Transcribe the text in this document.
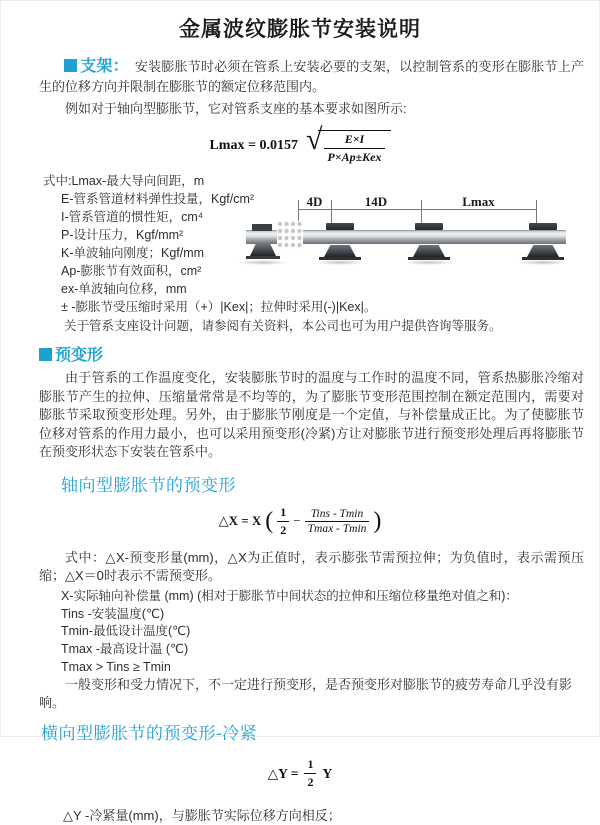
金属波纹膨胀节安装说明

支架： 安装膨胀节时必须在管系上安装必要的支架，以控制管系的变形在膨胀节上产生的位移方向并限制在膨胀节的额定位移范围内。

例如对于轴向型膨胀节，它对管系支座的基本要求如图所示:

Lmax = 0.0157 √ $\frac{E\times I}{\text{P×Ap±Kex}}$
式中:Lmax-最大导向间距，m
E-管系管道材料弹性投量，Kgf/cm²
I-管系管道的惯性矩，cm⁴
P-设计压力，Kgf/mm²
K-单波轴向刚度；Kgf/mm
Ap-膨胀节有效面积，cm²
ex-单波轴向位移，mm
± -膨胀节受压缩时采用（+）|Kex|；拉伸时采用(-)|Kex|。

关于管系支座设计问题，请参阅有关资料，本公司也可为用户提供咨询等服务。

4D	14D	Lmax
预变形

由于管系的工作温度变化，安装膨胀节时的温度与工作时的温度不同，管系热膨胀冷缩对膨胀节产生的拉伸、压缩量常常是不均等的，为了膨胀节变形范围控制在额定范围内，需要对膨胀节采取预变形处理。另外，由于膨胀节刚度是一个定值，与补偿量成正比。为了使膨胀节位移对管系的作用力最小，也可以采用预变形(冷紧)方让对膨胀节进行预变形处理后再将膨胀节在预变形状态下安装在管系中。

轴向型膨胀节的预变形
△X = X ( $\frac{1}{2} - \frac{\text{Tins - Tmin}}{Tmax - Tmin}$ )

式中：△X-预变形量(mm)，△X为正值时，表示膨张节需预拉伸；为负值时，表示需预压缩；△X＝0时表示不需预变形。

X-实际轴向补偿量 (mm) (相对于膨胀节中间状态的拉伸和压缩位移量绝对值之和)：
Tins -安装温度(℃)
Tmin-最低设计温度(℃)
Tmax -最高设计温 (℃)
Tmax > Tins ≥ Tmin

一般变形和受力情况下，不一定进行预变形，是否预变形对膨胀节的疲劳寿命几乎没有影响。

横向型膨胀节的预变形-冷紧
△Y = $\frac{1}{2}$ Y

△Y -冷紧量(mm)，与膨胀节实际位移方向相反；
